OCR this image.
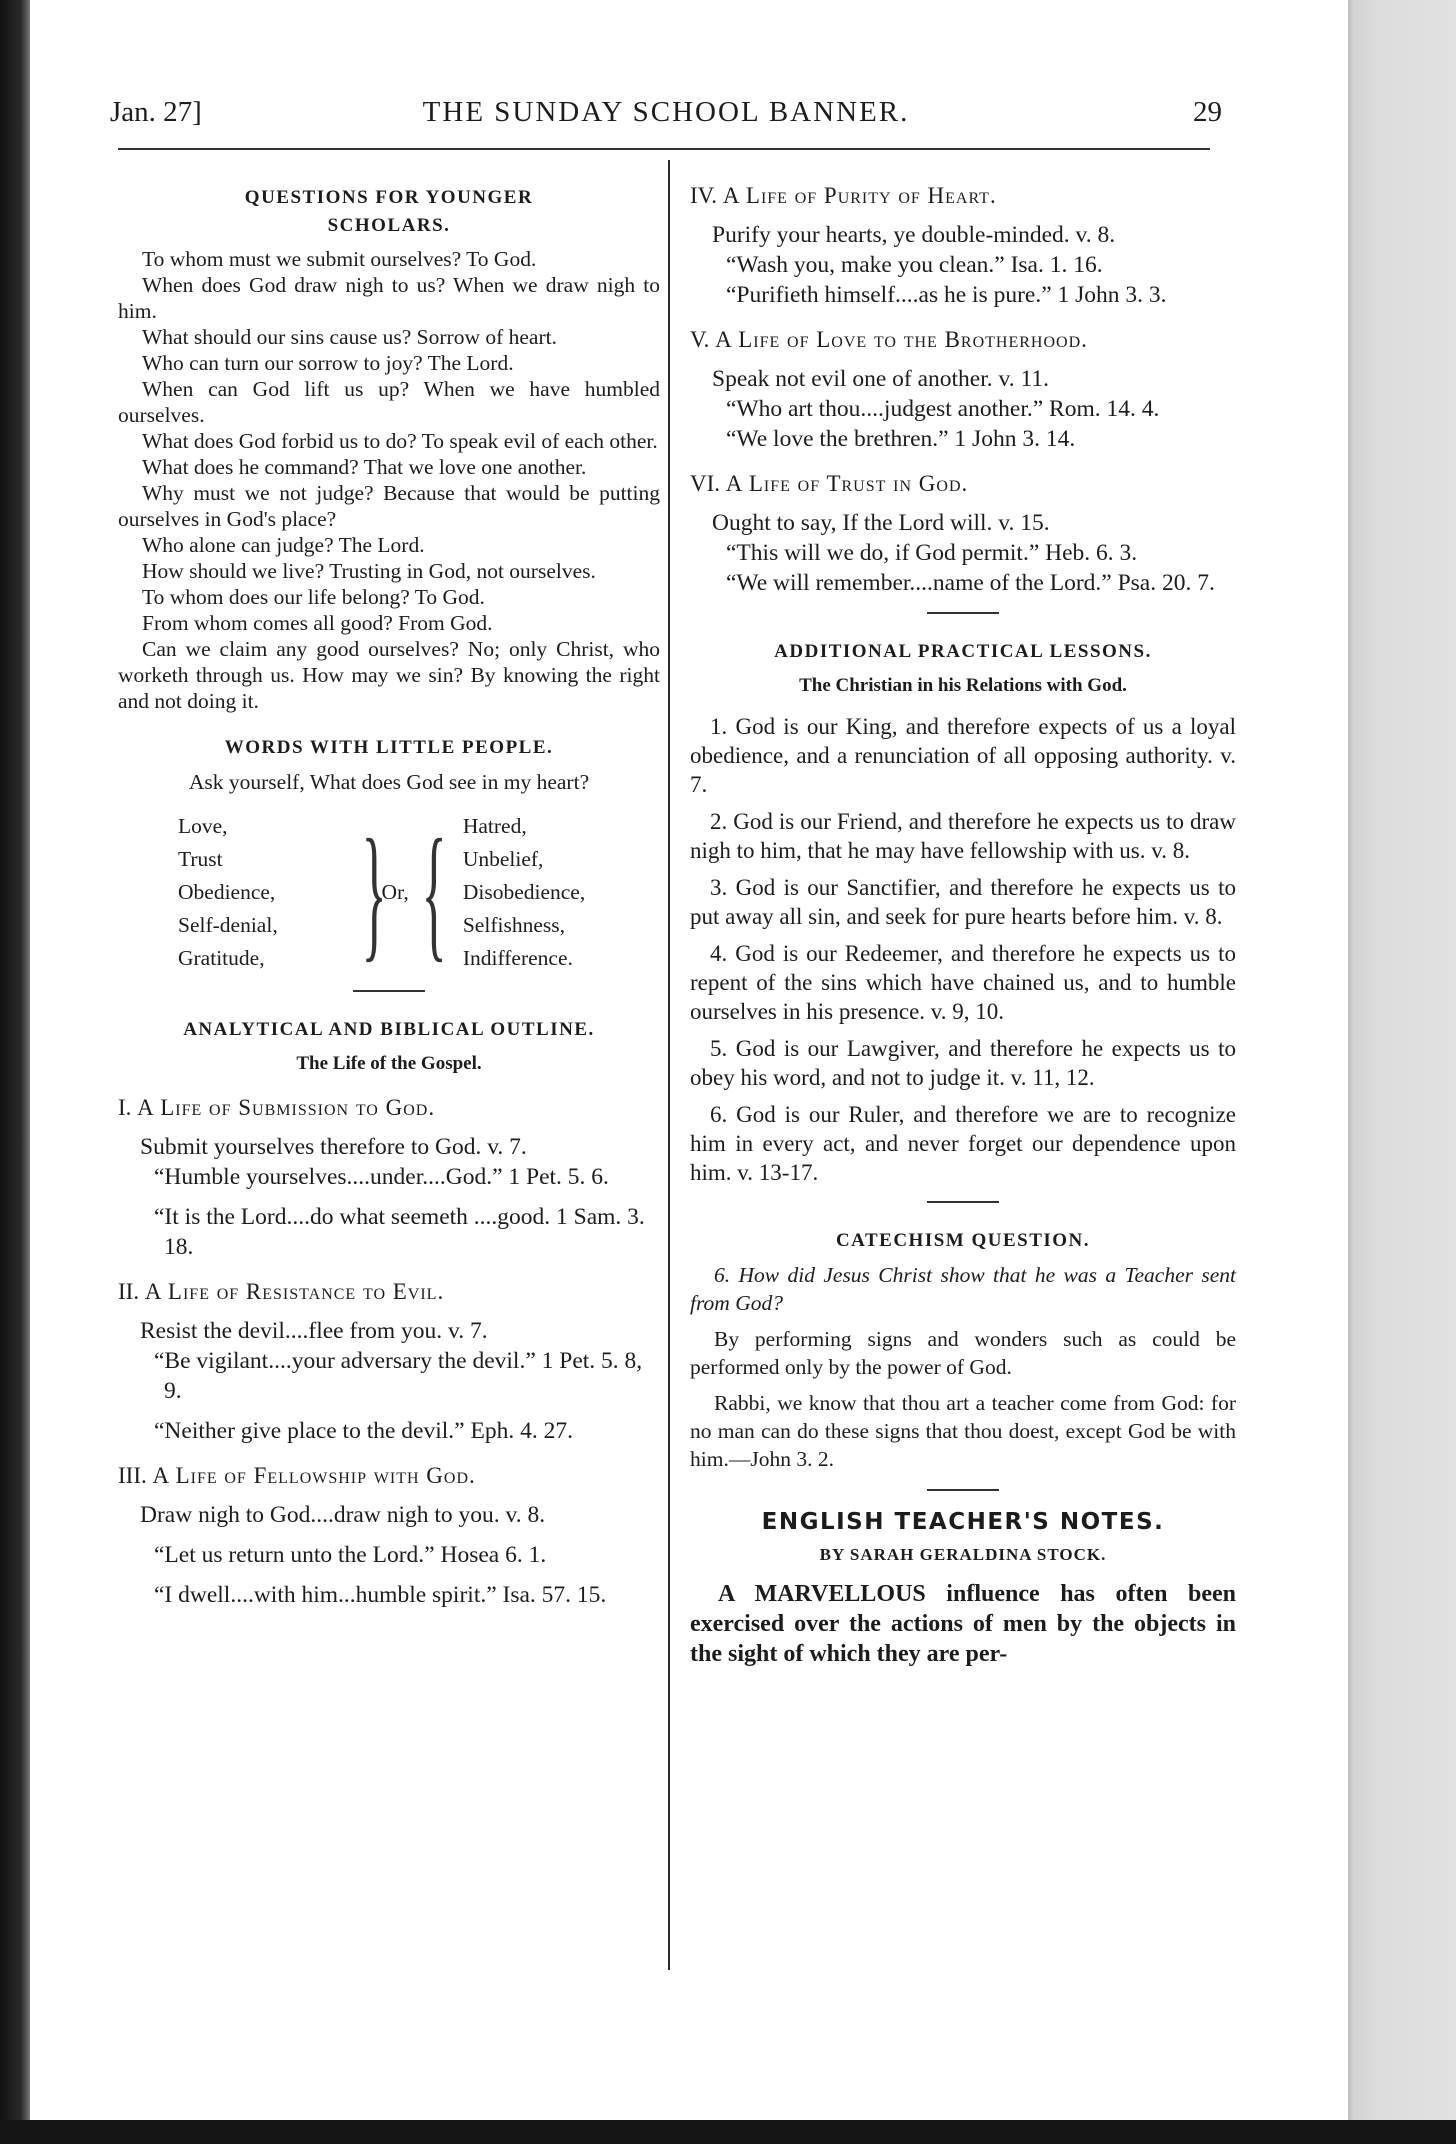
Jan. 27]	THE SUNDAY SCHOOL BANNER.	29
QUESTIONS FOR YOUNGER
SCHOLARS.

To whom must we submit ourselves? To God.

When does God draw nigh to us? When we draw nigh to him.

What should our sins cause us? Sorrow of heart.

Who can turn our sorrow to joy? The Lord.

When can God lift us up? When we have humbled ourselves.

What does God forbid us to do? To speak evil of each other.

What does he command? That we love one another.

Why must we not judge? Because that would be putting ourselves in God's place?

Who alone can judge? The Lord.

How should we live? Trusting in God, not ourselves.

To whom does our life belong? To God.

From whom comes all good? From God.

Can we claim any good ourselves? No; only Christ, who worketh through us. How may we sin? By knowing the right and not doing it.

WORDS WITH LITTLE PEOPLE.

Ask yourself, What does God see in my heart?

Love,
Trust
Obedience,
Self-denial,
Gratitude, }
Or, { Hatred,
Unbelief,
Disobedience,
Selfishness,
Indifference.
ANALYTICAL AND BIBLICAL OUTLINE.
The Life of the Gospel.
I. A Life of Submission to God.

Submit yourselves therefore to God. v. 7.

“Humble yourselves....under....God.” 1 Pet. 5. 6.

“It is the Lord....do what seemeth ....good. 1 Sam. 3. 18.

II. A Life of Resistance to Evil.

Resist the devil....flee from you. v. 7.

“Be vigilant....your adversary the devil.” 1 Pet. 5. 8, 9.

“Neither give place to the devil.” Eph. 4. 27.

III. A Life of Fellowship with God.

Draw nigh to God....draw nigh to you. v. 8.

“Let us return unto the Lord.” Hosea 6. 1.

“I dwell....with him...humble spirit.” Isa. 57. 15.

IV. A Life of Purity of Heart.

Purify your hearts, ye double-minded. v. 8.

“Wash you, make you clean.” Isa. 1. 16.

“Purifieth himself....as he is pure.” 1 John 3. 3.

V. A Life of Love to the Brotherhood.

Speak not evil one of another. v. 11.

“Who art thou....judgest another.” Rom. 14. 4.

“We love the brethren.” 1 John 3. 14.

VI. A Life of Trust in God.

Ought to say, If the Lord will. v. 15.

“This will we do, if God permit.” Heb. 6. 3.

“We will remember....name of the Lord.” Psa. 20. 7.

ADDITIONAL PRACTICAL LESSONS.
The Christian in his Relations with God.

1. God is our King, and therefore expects of us a loyal obedience, and a renunciation of all opposing authority. v. 7.

2. God is our Friend, and therefore he expects us to draw nigh to him, that he may have fellowship with us. v. 8.

3. God is our Sanctifier, and therefore he expects us to put away all sin, and seek for pure hearts before him. v. 8.

4. God is our Redeemer, and therefore he expects us to repent of the sins which have chained us, and to humble ourselves in his presence. v. 9, 10.

5. God is our Lawgiver, and therefore he expects us to obey his word, and not to judge it. v. 11, 12.

6. God is our Ruler, and therefore we are to recognize him in every act, and never forget our dependence upon him. v. 13-17.

CATECHISM QUESTION.

6. How did Jesus Christ show that he was a Teacher sent from God?

By performing signs and wonders such as could be performed only by the power of God.

Rabbi, we know that thou art a teacher come from God: for no man can do these signs that thou doest, except God be with him.—John 3. 2.

ENGLISH TEACHER'S NOTES.
BY SARAH GERALDINA STOCK.

A MARVELLOUS influence has often been exercised over the actions of men by the objects in the sight of which they are per-
